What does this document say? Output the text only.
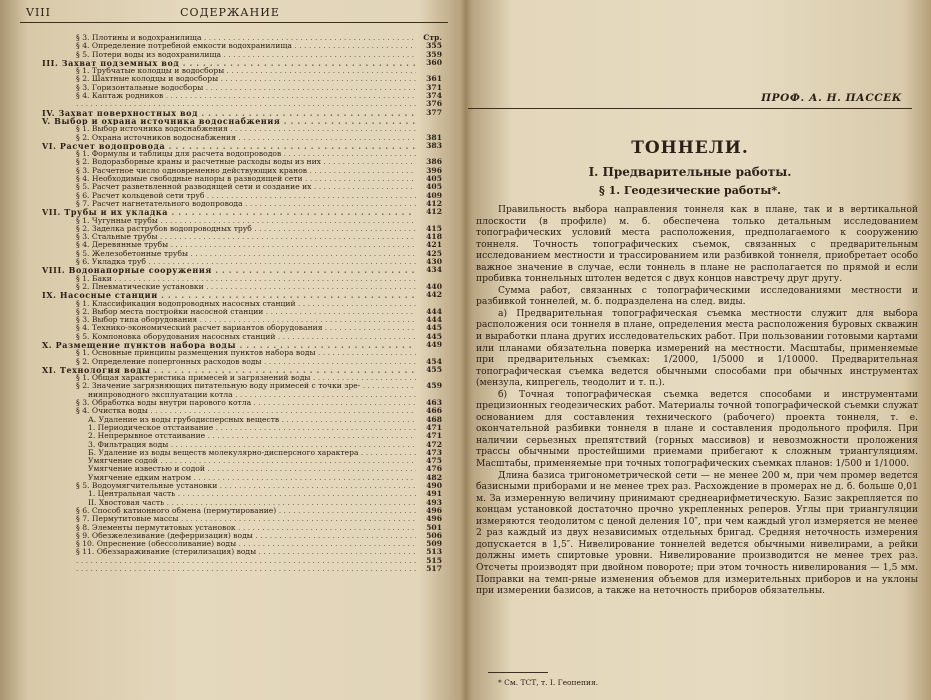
VIII	СОДЕРЖАНИЕ
§ 3. Плотины и водохранилища . . .	Стр.
§ 4. Определение потребной емкости водохранилища . . .	355
§ 5. Потери воды из водохранилища . . .	359
III. Захват подземных вод . . .	360
§ 1. Трубчатые колодцы и водосборы . . .
§ 2. Шахтные колодцы и водосборы . . .	361
§ 3. Горизонтальные водосборы . . .	371
§ 4. Каптаж родников . . .	374
. . .
376
IV. Захват поверхностных вод . . .	377
V. Выбор и охрана источника водоснабжения . . .
§ 1. Выбор источника водоснабжения . . .
§ 2. Охрана источников водоснабжения . . .	381
VI. Расчет водопровода . . .	383
§ 1. Формулы и таблицы для расчета водопроводов . . .
§ 2. Водоразборные краны и расчетные расходы воды из них . . .	386
§ 3. Расчетное число одновременно действующих кранов . . .	396
§ 4. Необходимые свободные напоры в разводящей сети . . .	405
§ 5. Расчет разветвленной разводящей сети и создание их . . .	405
§ 6. Расчет кольцевой сети труб . . .	409
§ 7. Расчет нагнетательного водопровода . . .	412
VII. Трубы и их укладка . . .	412
§ 1. Чугунные трубы . . .
§ 2. Заделка раструбов водопроводных труб . . .	415
§ 3. Стальные трубы . . .	418
§ 4. Деревянные трубы . . .	421
§ 5. Железобетонные трубы . . .	425
§ 6. Укладка труб . . .	430
VIII. Водонапорные сооружения . . .	434
§ 1. Баки . . .
§ 2. Пневматические установки . . .	440
IX. Насосные станции . . .	442
§ 1. Классификация водопроводных насосных станций . . .
§ 2. Выбор места постройки насосной станции . . .	444
§ 3. Выбор типа оборудования . . .	444
§ 4. Технико-экономический расчет вариантов оборудования . . .	445
§ 5. Компоновка оборудования насосных станций . . .	445
X. Размещение пунктов набора воды . . .	449
§ 1. Основные принципы размещения пунктов набора воды . . .
§ 2. Определение попергонных расходов воды . . .	454
XI. Технология воды . . .	455
§ 1. Общая характеристика примесей и загрязнений воды . . .
§ 2. Значение загрязняющих питательную воду примесей с точки зре- . . .	459
нияпроводного эксплуатации котла . . .
§ 3. Обработка воды внутри парового котла . . .	463
§ 4. Очистка воды . . .	466
А. Удаление из воды грубодисперсных веществ . . .	468
1. Периодическое отстаивание . . .	471
2. Непрерывное отстаивание . . .	471
3. Фильтрация воды . . .	472
Б. Удаление из воды веществ молекулярно-дисперсного характера . . .	473
Умягчение содой . . .	475
Умягчение известью и содой . . .	476
Умягчение едким натром . . .	482
§ 5. Водоумягчительные установки . . .	490
1. Центральная часть . . .	491
II. Хвостовая часть . . .	493
§ 6. Способ катионного обмена (пермутирование) . . .	496
§ 7. Пермутитовые массы . . .	496
§ 8. Элементы пермутитовых установок . . .	501
§ 9. Обезжелезивание (деферризация) воды . . .	506
§ 10. Опреснение (обессоливание) воды . . .	509
§ 11. Обеззараживание (стерилизация) воды . . .	513
. . .
515
. . .
517
ПРОФ. А. Н. ПАССЕК
ТОННЕЛИ.
I. Предварительные работы.
§ 1. Геодезические работы*.

Правильность выбора направления тоннеля как в плане, так и в вертикальной плоскости (в профиле) м. б. обеспечена только детальным исследованием топографических условий места расположения, предполагаемого к сооружению тоннеля. Точность топографических съемок, связанных с предварительным исследованием местности и трассированием или разбивкой тоннеля, приобретает особо важное значение в случае, если тоннель в плане не располагается по прямой и если пробивка тоннельных штолен ведется с двух концов навстречу друг другу.

Сумма работ, связанных с топографическими исследованиями местности и разбивкой тоннелей, м. б. подразделена на след. виды.

а) Предварительная топографическая съемка местности служит для выбора расположения оси тоннеля в плане, определения места расположения буровых скважин и выработки плана других исследовательских работ. При пользовании готовыми картами или планами обязательна поверка измерений на местности. Масштабы, применяемые при предварительных съемках: 1/2000, 1/5000 и 1/10000. Предварительная топографическая съемка ведется обычными способами при обычных инструментах (мензула, кипрегель, теодолит и т. п.).

б) Точная топографическая съемка ведется способами и инструментами прецизионных геодезических работ. Материалы точной топографической съемки служат основанием для составления технического (рабочего) проекта тоннеля, т. е. окончательной разбивки тоннеля в плане и составления продольного профиля. При наличии серьезных препятствий (горных массивов) и невозможности проложения трассы обычными простейшими приемами прибегают к сложным триангуляциям. Масштабы, применяемые при точных топографических съемках планов: 1/500 и 1/1000.

Длина базиса тригонометрической сети — не менее 200 м, при чем промер ведется базисными приборами и не менее трех раз. Расхождение в промерах не д. б. больше 0,01 м. За измеренную величину принимают среднеарифметическую. Базис закрепляется по концам установкой достаточно прочно укрепленных реперов. Углы при триангуляции измеряются теодолитом с ценой деления 10″, при чем каждый угол измеряется не менее 2 раз каждый из двух независимых отдельных бригад. Средняя неточность измерения допускается в 1,5″. Нивелирование тоннелей ведется обычными нивелирами, а рейки должны иметь спиртовые уровни. Нивелирование производится не менее трех раз. Отсчеты производят при двойном повороте; при этом точность нивелирования — 1,5 мм. Поправки на темп-рные изменения объемов для измерительных приборов и на уклоны при измерении базисов, а также на неточность приборов обязательны.

* См. ТСТ, т. I. Геопепия.
